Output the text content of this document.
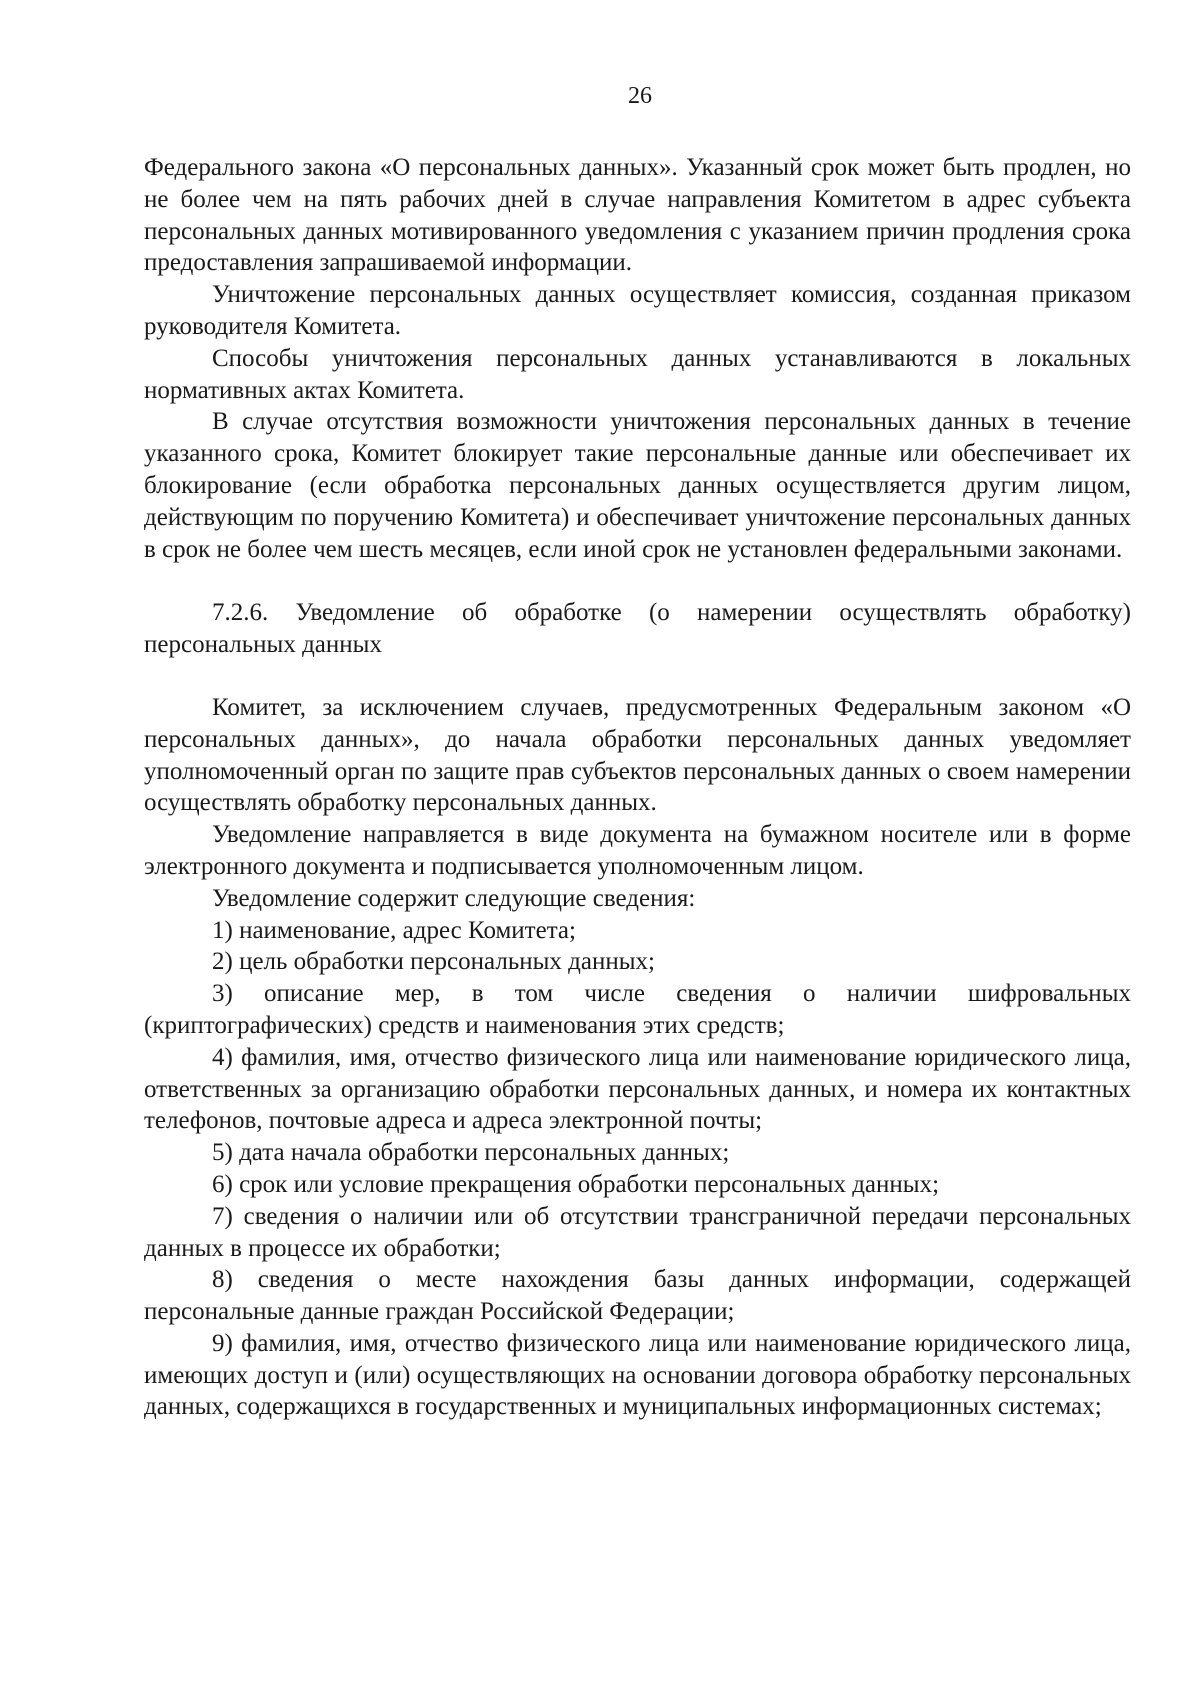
26

Федерального закона «О персональных данных». Указанный срок может быть продлен, но не более чем на пять рабочих дней в случае направления Комитетом в адрес субъекта персональных данных мотивированного уведомления с указанием причин продления срока предоставления запрашиваемой информации.

Уничтожение персональных данных осуществляет комиссия, созданная приказом руководителя Комитета.

Способы уничтожения персональных данных устанавливаются в локальных нормативных актах Комитета.

В случае отсутствия возможности уничтожения персональных данных в течение указанного срока, Комитет блокирует такие персональные данные или обеспечивает их блокирование (если обработка персональных данных осуществляется другим лицом, действующим по поручению Комитета) и обеспечивает уничтожение персональных данных в срок не более чем шесть месяцев, если иной срок не установлен федеральными законами.

7.2.6. Уведомление об обработке (о намерении осуществлять обработку) персональных данных

Комитет, за исключением случаев, предусмотренных Федеральным законом «О персональных данных», до начала обработки персональных данных уведомляет уполномоченный орган по защите прав субъектов персональных данных о своем намерении осуществлять обработку персональных данных.

Уведомление направляется в виде документа на бумажном носителе или в форме электронного документа и подписывается уполномоченным лицом.

Уведомление содержит следующие сведения:

1) наименование, адрес Комитета;

2) цель обработки персональных данных;

3) описание мер, в том числе сведения о наличии шифровальных (криптографических) средств и наименования этих средств;

4) фамилия, имя, отчество физического лица или наименование юридического лица, ответственных за организацию обработки персональных данных, и номера их контактных телефонов, почтовые адреса и адреса электронной почты;

5) дата начала обработки персональных данных;

6) срок или условие прекращения обработки персональных данных;

7) сведения о наличии или об отсутствии трансграничной передачи персональных данных в процессе их обработки;

8) сведения о месте нахождения базы данных информации, содержащей персональные данные граждан Российской Федерации;

9) фамилия, имя, отчество физического лица или наименование юридического лица, имеющих доступ и (или) осуществляющих на основании договора обработку персональных данных, содержащихся в государственных и муниципальных информационных системах;
